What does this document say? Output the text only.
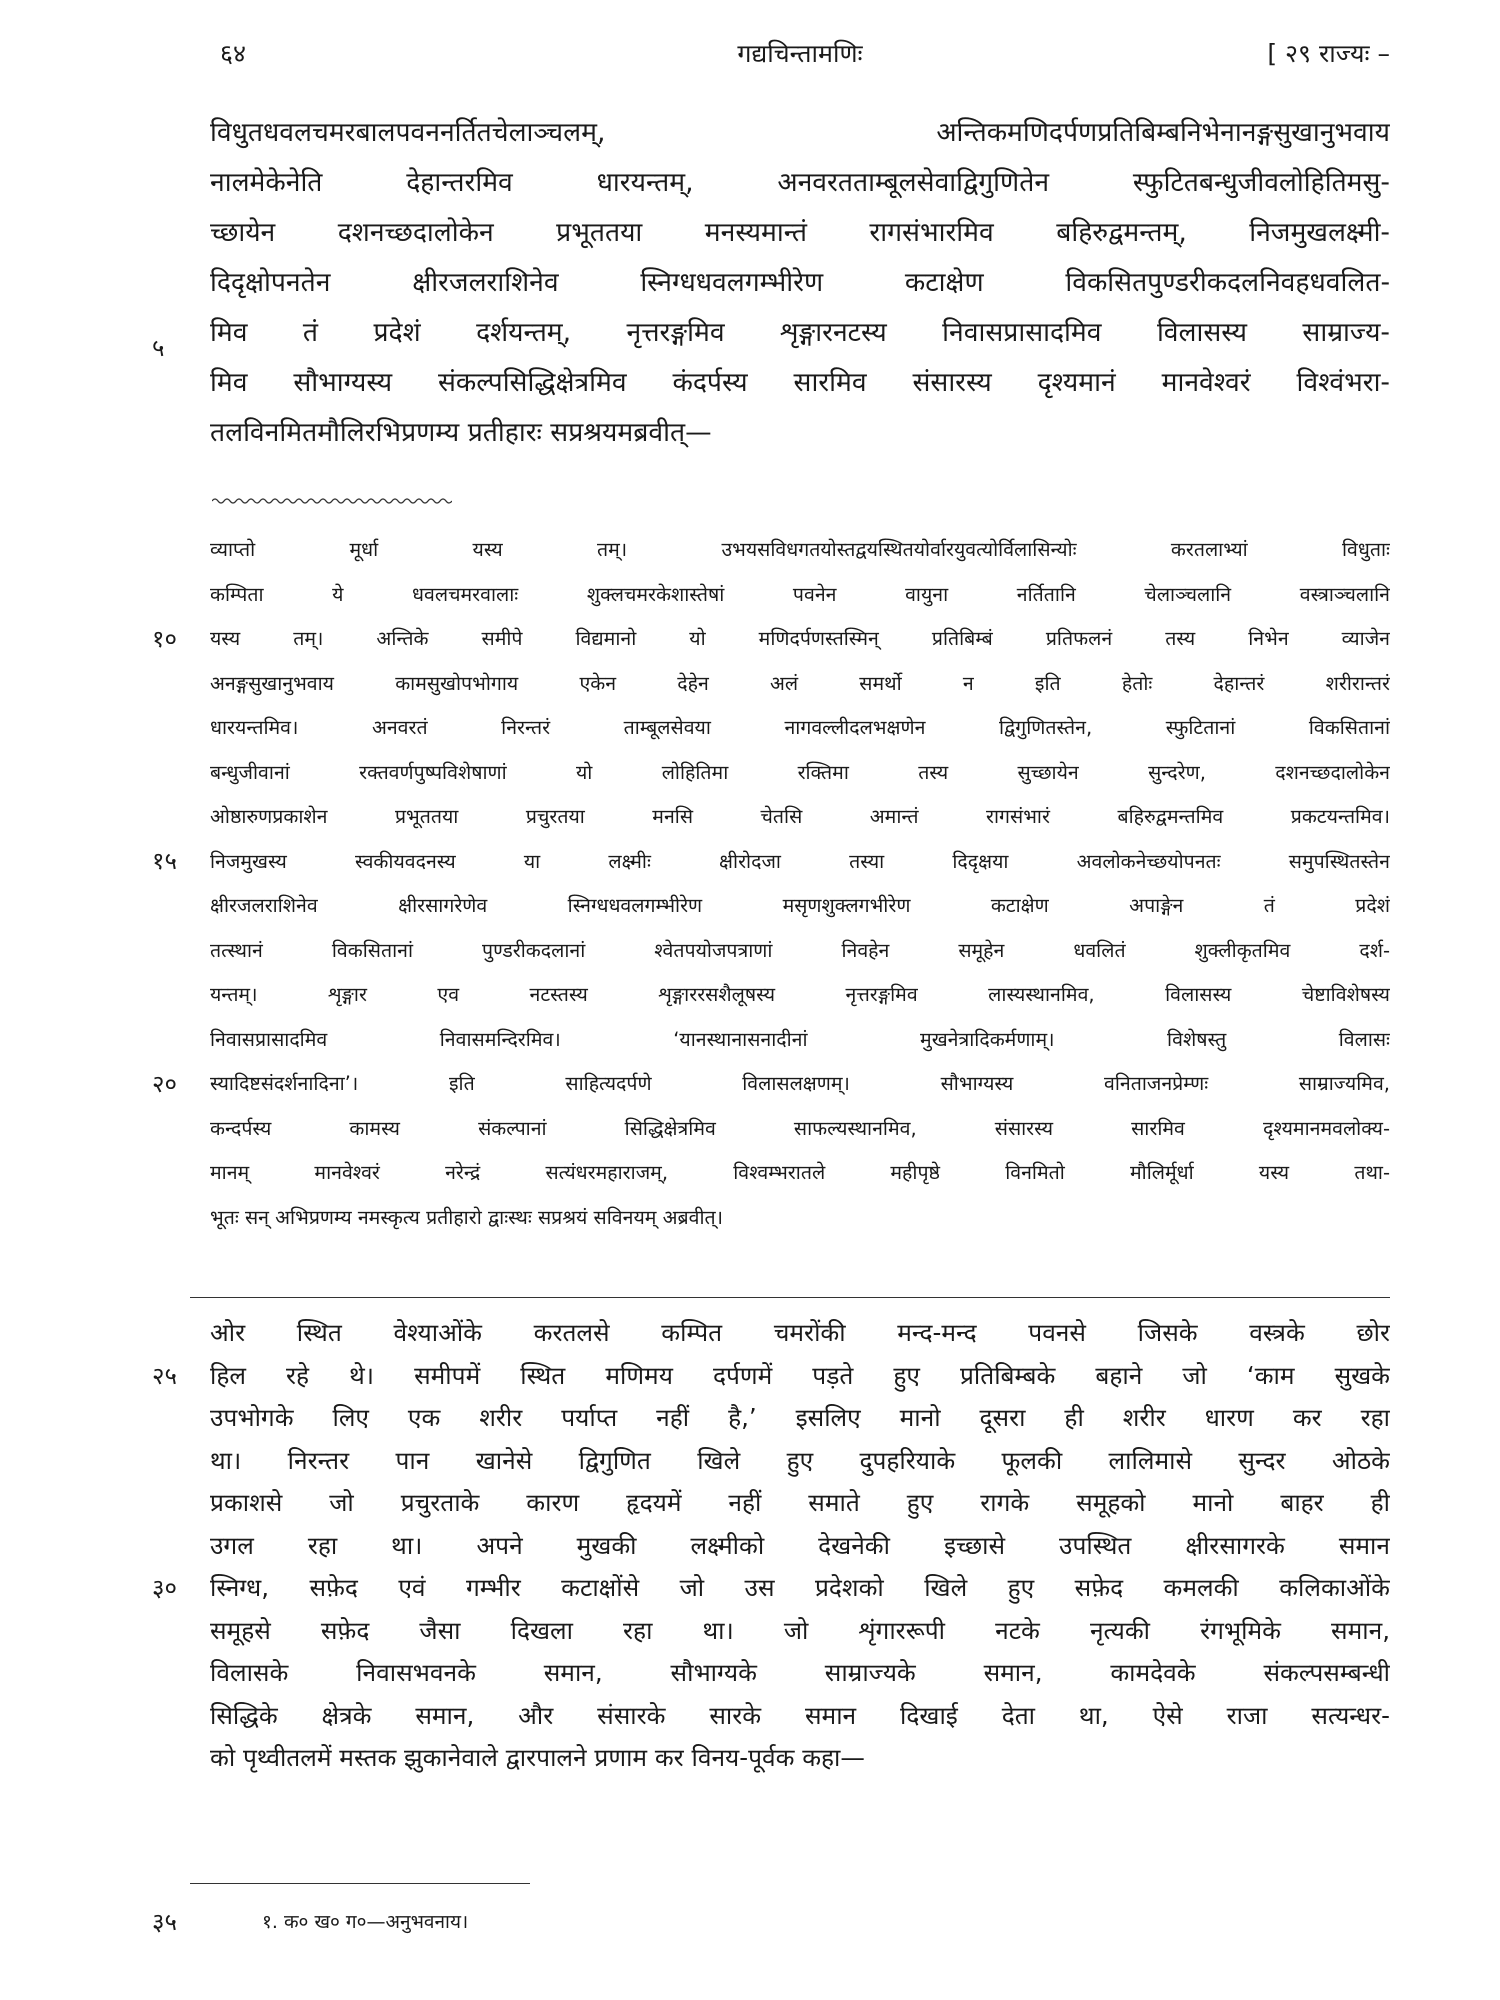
६४	गद्यचिन्तामणिः	[ २९ राज्यः –
विधुतधवलचमरबालपवननर्तितचेलाञ्चलम्, अन्तिकमणिदर्पणप्रतिबिम्बनिभेनानङ्गसुखानुभवाय
नालमेकेनेति देहान्तरमिव धारयन्तम्, अनवरतताम्बूलसेवाद्विगुणितेन स्फुटितबन्धुजीवलोहितिमसु-
च्छायेन दशनच्छदालोकेन प्रभूततया मनस्यमान्तं रागसंभारमिव बहिरुद्वमन्तम्, निजमुखलक्ष्मी-
दिदृक्षोपनतेन क्षीरजलराशिनेव स्निग्धधवलगम्भीरेण कटाक्षेण विकसितपुण्डरीकदलनिवहधवलित-
मिव तं प्रदेशं दर्शयन्तम्, नृत्तरङ्गमिव शृङ्गारनटस्य निवासप्रासादमिव विलासस्य साम्राज्य-
मिव सौभाग्यस्य संकल्पसिद्धिक्षेत्रमिव कंदर्पस्य सारमिव संसारस्य दृश्यमानं मानवेश्वरं विश्वंभरा-
तलविनमितमौलिरभिप्रणम्य प्रतीहारः सप्रश्रयमब्रवीत्—
व्याप्तो मूर्धा यस्य तम्। उभयसविधगतयोस्तद्वयस्थितयोर्वारयुवत्योर्विलासिन्योः करतलाभ्यां विधुताः
कम्पिता ये धवलचमरवालाः शुक्लचमरकेशास्तेषां पवनेन वायुना नर्तितानि चेलाञ्चलानि वस्त्राञ्चलानि
यस्य तम्। अन्तिके समीपे विद्यमानो यो मणिदर्पणस्तस्मिन् प्रतिबिम्बं प्रतिफलनं तस्य निभेन व्याजेन
अनङ्गसुखानुभवाय कामसुखोपभोगाय एकेन देहेन अलं समर्थो न इति हेतोः देहान्तरं शरीरान्तरं
धारयन्तमिव। अनवरतं निरन्तरं ताम्बूलसेवया नागवल्लीदलभक्षणेन द्विगुणितस्तेन, स्फुटितानां विकसितानां
बन्धुजीवानां रक्तवर्णपुष्पविशेषाणां यो लोहितिमा रक्तिमा तस्य सुच्छायेन सुन्दरेण, दशनच्छदालोकेन
ओष्ठारुणप्रकाशेन प्रभूततया प्रचुरतया मनसि चेतसि अमान्तं रागसंभारं बहिरुद्वमन्तमिव प्रकटयन्तमिव।
निजमुखस्य स्वकीयवदनस्य या लक्ष्मीः क्षीरोदजा तस्या दिदृक्षया अवलोकनेच्छयोपनतः समुपस्थितस्तेन
क्षीरजलराशिनेव क्षीरसागरेणेव स्निग्धधवलगम्भीरेण मसृणशुक्लगभीरेण कटाक्षेण अपाङ्गेन तं प्रदेशं
तत्स्थानं विकसितानां पुण्डरीकदलानां श्वेतपयोजपत्राणां निवहेन समूहेन धवलितं शुक्लीकृतमिव दर्श-
यन्तम्। शृङ्गार एव नटस्तस्य शृङ्गाररसशैलूषस्य नृत्तरङ्गमिव लास्यस्थानमिव, विलासस्य चेष्टाविशेषस्य
निवासप्रासादमिव निवासमन्दिरमिव। ‘यानस्थानासनादीनां मुखनेत्रादिकर्मणाम्। विशेषस्तु विलासः
स्यादिष्टसंदर्शनादिना’। इति साहित्यदर्पणे विलासलक्षणम्। सौभाग्यस्य वनिताजनप्रेम्णः साम्राज्यमिव,
कन्दर्पस्य कामस्य संकल्पानां सिद्धिक्षेत्रमिव साफल्यस्थानमिव, संसारस्य सारमिव दृश्यमानमवलोक्य-
मानम् मानवेश्वरं नरेन्द्रं सत्यंधरमहाराजम्, विश्वम्भरातले महीपृष्ठे विनमितो मौलिर्मूर्धा यस्य तथा-
भूतः सन् अभिप्रणम्य नमस्कृत्य प्रतीहारो द्वाःस्थः सप्रश्रयं सविनयम् अब्रवीत्।
ओर स्थित वेश्याओंके करतलसे कम्पित चमरोंकी मन्द-मन्द पवनसे जिसके वस्त्रके छोर
हिल रहे थे। समीपमें स्थित मणिमय दर्पणमें पड़ते हुए प्रतिबिम्बके बहाने जो ‘काम सुखके
उपभोगके लिए एक शरीर पर्याप्त नहीं है,’ इसलिए मानो दूसरा ही शरीर धारण कर रहा
था। निरन्तर पान खानेसे द्विगुणित खिले हुए दुपहरियाके फूलकी लालिमासे सुन्दर ओठके
प्रकाशसे जो प्रचुरताके कारण हृदयमें नहीं समाते हुए रागके समूहको मानो बाहर ही
उगल रहा था। अपने मुखकी लक्ष्मीको देखनेकी इच्छासे उपस्थित क्षीरसागरके समान
स्निग्ध, सफ़ेद एवं गम्भीर कटाक्षोंसे जो उस प्रदेशको खिले हुए सफ़ेद कमलकी कलिकाओंके
समूहसे सफ़ेद जैसा दिखला रहा था। जो शृंगाररूपी नटके नृत्यकी रंगभूमिके समान,
विलासके निवासभवनके समान, सौभाग्यके साम्राज्यके समान, कामदेवके संकल्पसम्बन्धी
सिद्धिके क्षेत्रके समान, और संसारके सारके समान दिखाई देता था, ऐसे राजा सत्यन्धर-
को पृथ्वीतलमें मस्तक झुकानेवाले द्वारपालने प्रणाम कर विनय-पूर्वक कहा—
१. क० ख० ग०—अनुभवनाय।
५
१०
१५
२०
२५
३०
३५
